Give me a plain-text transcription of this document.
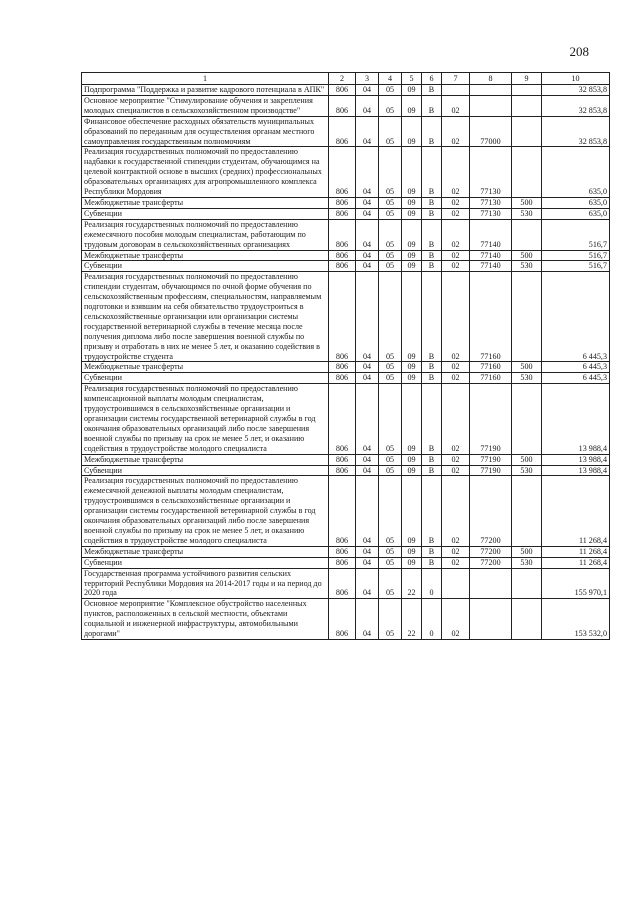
208
1	2	3	4	5	6	7	8	9	10
Подпрограмма "Поддержка и развитие кадрового потенциала в АПК"	806	04	05	09	В				32 853,8
Основное мероприятие "Стимулирование обучения и закрепления молодых специалистов в сельскохозяйственном производстве"	806	04	05	09	В	02			32 853,8
Финансовое обеспечение расходных обязательств муниципальных образований по переданным для осуществления органам местного самоуправления государственным полномочиям	806	04	05	09	В	02	77000		32 853,8
Реализация государственных полномочий по предоставлению надбавки к государственной стипендии студентам, обучающимся на целевой контрактной основе в высших (средних) профессиональных образовательных организациях для агропромышленного комплекса Республики Мордовия	806	04	05	09	В	02	77130		635,0
Межбюджетные трансферты	806	04	05	09	В	02	77130	500	635,0
Субвенции	806	04	05	09	В	02	77130	530	635,0
Реализация государственных полномочий по предоставлению ежемесячного пособия молодым специалистам, работающим по трудовым договорам в сельскохозяйственных организациях	806	04	05	09	В	02	77140		516,7
Межбюджетные трансферты	806	04	05	09	В	02	77140	500	516,7
Субвенции	806	04	05	09	В	02	77140	530	516,7
Реализация государственных полномочий по предоставлению стипендии студентам, обучающимся по очной форме обучения по сельскохозяйственным профессиям, специальностям, направляемым подготовки и взявшим на себя обязательство трудоустроиться в сельскохозяйственные организации или организации системы государственной ветеринарной службы в течение месяца после получения диплома либо после завершения военной службы по призыву и отработать в них не менее 5 лет, и оказанию содействия в трудоустройстве студента	806	04	05	09	В	02	77160		6 445,3
Межбюджетные трансферты	806	04	05	09	В	02	77160	500	6 445,3
Субвенции	806	04	05	09	В	02	77160	530	6 445,3
Реализация государственных полномочий по предоставлению компенсационной выплаты молодым специалистам, трудоустроившимся в сельскохозяйственные организации и организации системы государственной ветеринарной службы в год окончания образовательных организаций либо после завершения военной службы по призыву на срок не менее 5 лет, и оказанию содействия в трудоустройстве молодого специалиста	806	04	05	09	В	02	77190		13 988,4
Межбюджетные трансферты	806	04	05	09	В	02	77190	500	13 988,4
Субвенции	806	04	05	09	В	02	77190	530	13 988,4
Реализация государственных полномочий по предоставлению ежемесячной денежной выплаты молодым специалистам, трудоустроившимся в сельскохозяйственные организации и организации системы государственной ветеринарной службы в год окончания образовательных организаций либо после завершения военной службы по призыву на срок не менее 5 лет, и оказанию содействия в трудоустройстве молодого специалиста	806	04	05	09	В	02	77200		11 268,4
Межбюджетные трансферты	806	04	05	09	В	02	77200	500	11 268,4
Субвенции	806	04	05	09	В	02	77200	530	11 268,4
Государственная программа устойчивого развития сельских территорий Республики Мордовия на 2014-2017 годы и на период до 2020 года	806	04	05	22	0				155 970,1
Основное мероприятие "Комплексное обустройство населенных пунктов, расположенных в сельской местности, объектами социальной и инженерной инфраструктуры, автомобильными дорогами"	806	04	05	22	0	02			153 532,0
